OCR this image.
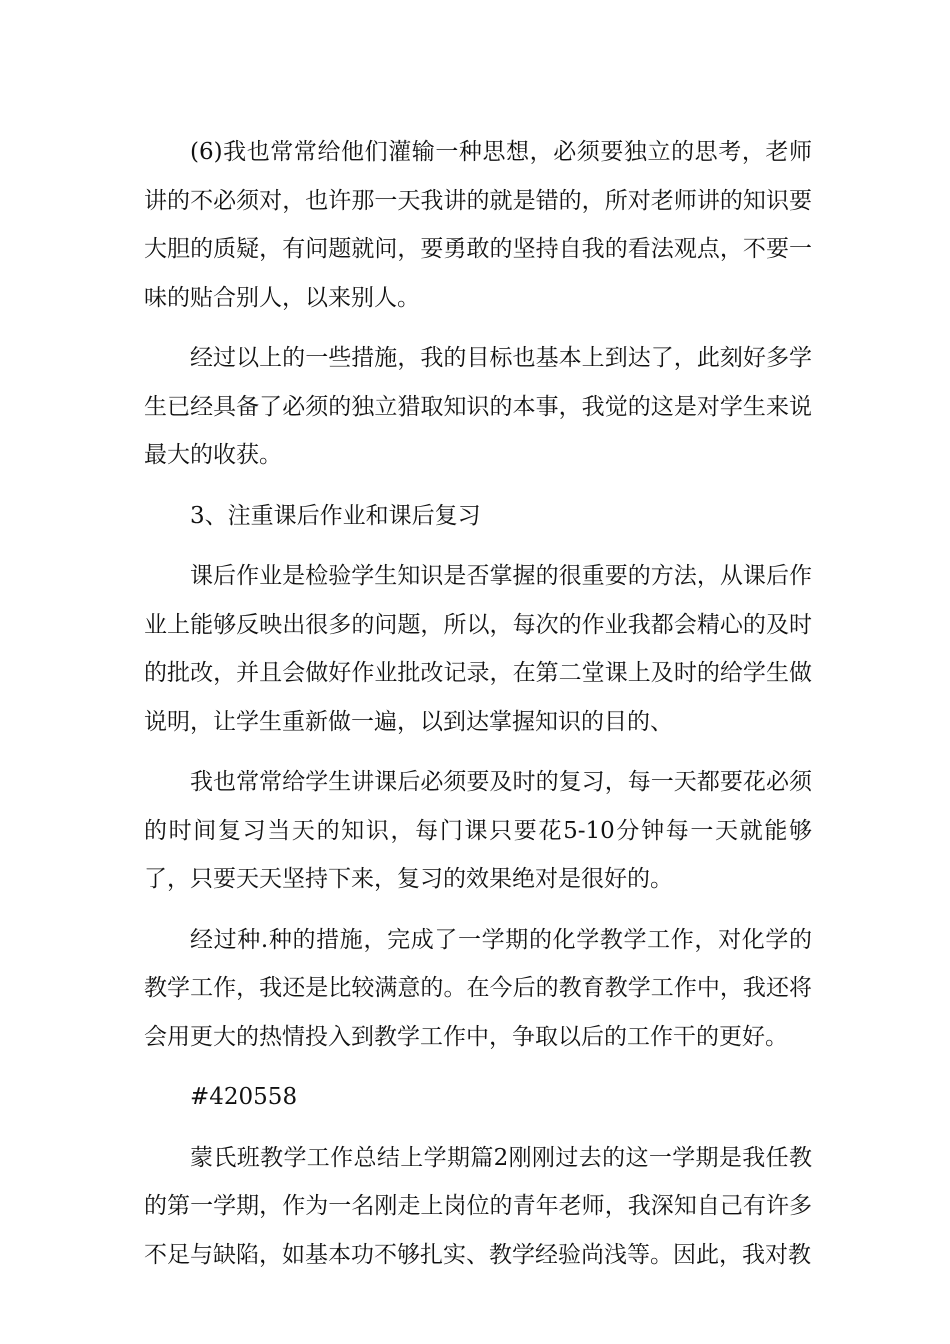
(6)我也常常给他们灌输一种思想，必须要独立的思考，老师讲的不必须对，也许那一天我讲的就是错的，所对老师讲的知识要大胆的质疑，有问题就问，要勇敢的坚持自我的看法观点，不要一味的贴合别人，以来别人。

经过以上的一些措施，我的目标也基本上到达了，此刻好多学生已经具备了必须的独立猎取知识的本事，我觉的这是对学生来说最大的收获。

3、注重课后作业和课后复习

课后作业是检验学生知识是否掌握的很重要的方法，从课后作业上能够反映出很多的问题，所以，每次的作业我都会精心的及时的批改，并且会做好作业批改记录，在第二堂课上及时的给学生做说明，让学生重新做一遍，以到达掌握知识的目的、

我也常常给学生讲课后必须要及时的复习，每一天都要花必须的时间复习当天的知识，每门课只要花5-10分钟每一天就能够了，只要天天坚持下来，复习的效果绝对是很好的。

经过种.种的措施，完成了一学期的化学教学工作，对化学的教学工作，我还是比较满意的。在今后的教育教学工作中，我还将会用更大的热情投入到教学工作中，争取以后的工作干的更好。

#420558

蒙氏班教学工作总结上学期篇2刚刚过去的这一学期是我任教的第一学期，作为一名刚走上岗位的青年老师，我深知自己有许多不足与缺陷，如基本功不够扎实、教学经验尚浅等。因此，我对教
